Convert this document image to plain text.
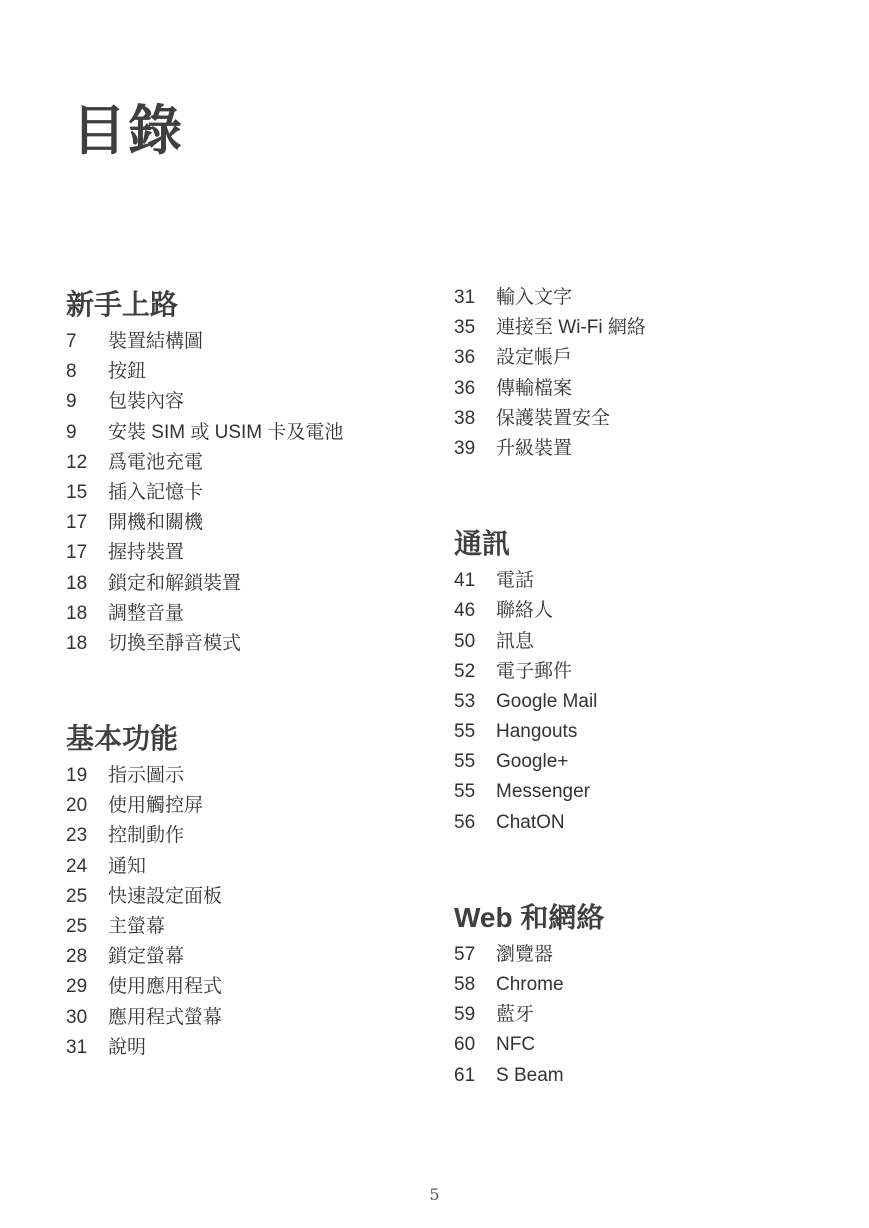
目錄
新手上路
7	裝置結構圖
8	按鈕
9	包裝內容
9	安裝 SIM 或 USIM 卡及電池
12	爲電池充電
15	插入記憶卡
17	開機和關機
17	握持裝置
18	鎖定和解鎖裝置
18	調整音量
18	切換至靜音模式
基本功能
19	指示圖示
20	使用觸控屏
23	控制動作
24	通知
25	快速設定面板
25	主螢幕
28	鎖定螢幕
29	使用應用程式
30	應用程式螢幕
31	說明
31	輸入文字
35	連接至 Wi-Fi 網絡
36	設定帳戶
36	傳輸檔案
38	保護裝置安全
39	升級裝置
通訊
41	電話
46	聯絡人
50	訊息
52	電子郵件
53	Google Mail
55	Hangouts
55	Google+
55	Messenger
56	ChatON
Web 和網絡
57	瀏覽器
58	Chrome
59	藍牙
60	NFC
61	S Beam
5
